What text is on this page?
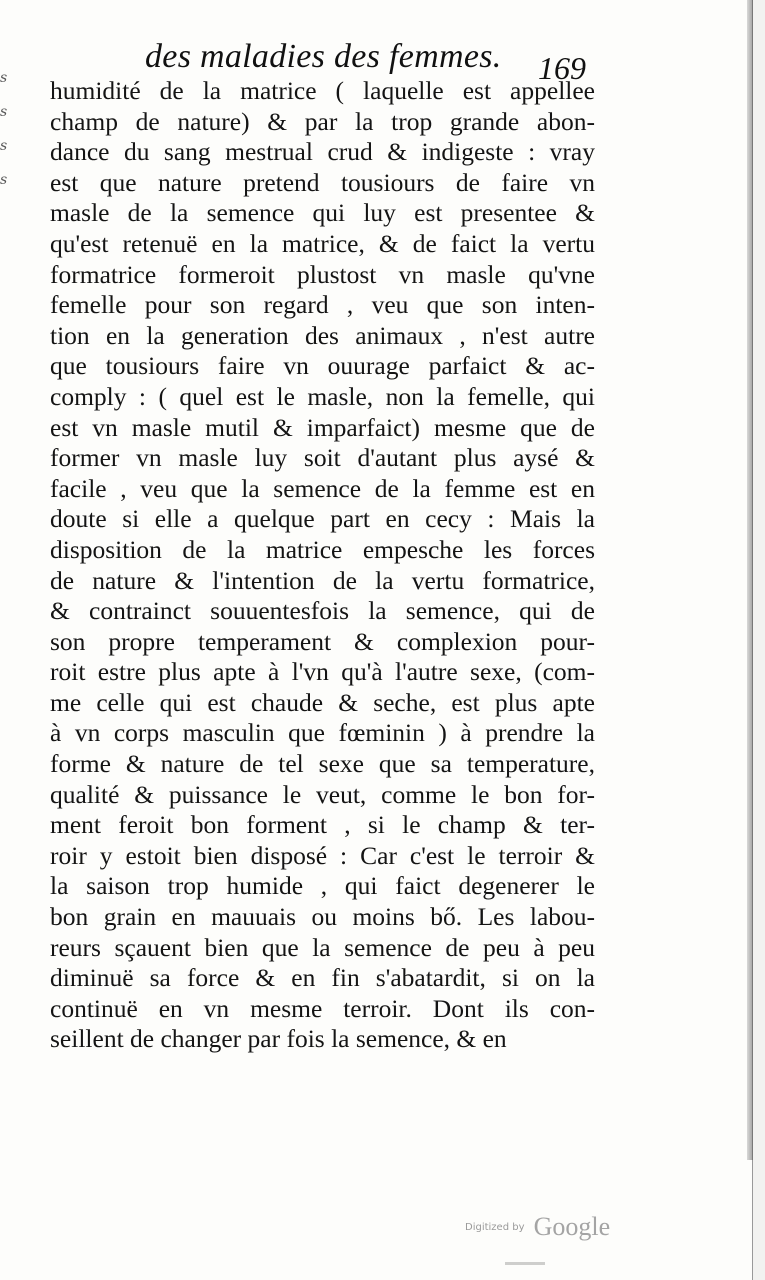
s
s
s
s
des maladies des femmes.	169
humidité de la matrice ( laquelle est appellee
champ de nature) & par la trop grande abon-
dance du sang mestrual crud & indigeste : vray
est que nature pretend tousiours de faire vn
masle de la semence qui luy est presentee &
qu'est retenuë en la matrice, & de faict la vertu
formatrice formeroit plustost vn masle qu'vne
femelle pour son regard , veu que son inten-
tion en la generation des animaux , n'est autre
que tousiours faire vn ouurage parfaict & ac-
comply : ( quel est le masle, non la femelle, qui
est vn masle mutil & imparfaict) mesme que de
former vn masle luy soit d'autant plus aysé &
facile , veu que la semence de la femme est en
doute si elle a quelque part en cecy : Mais la
disposition de la matrice empesche les forces
de nature & l'intention de la vertu formatrice,
& contrainct souuentesfois la semence, qui de
son propre temperament & complexion pour-
roit estre plus apte à l'vn qu'à l'autre sexe, (com-
me celle qui est chaude & seche, est plus apte
à vn corps masculin que fœminin ) à prendre la
forme & nature de tel sexe que sa temperature,
qualité & puissance le veut, comme le bon for-
ment feroit bon forment , si le champ & ter-
roir y estoit bien disposé : Car c'est le terroir &
la saison trop humide , qui faict degenerer le
bon grain en mauuais ou moins bő. Les labou-
reurs sçauent bien que la semence de peu à peu
diminuë sa force & en fin s'abatardit, si on la
continuë en vn mesme terroir. Dont ils con-
seillent de changer par fois la semence, & en
Digitized by Google
